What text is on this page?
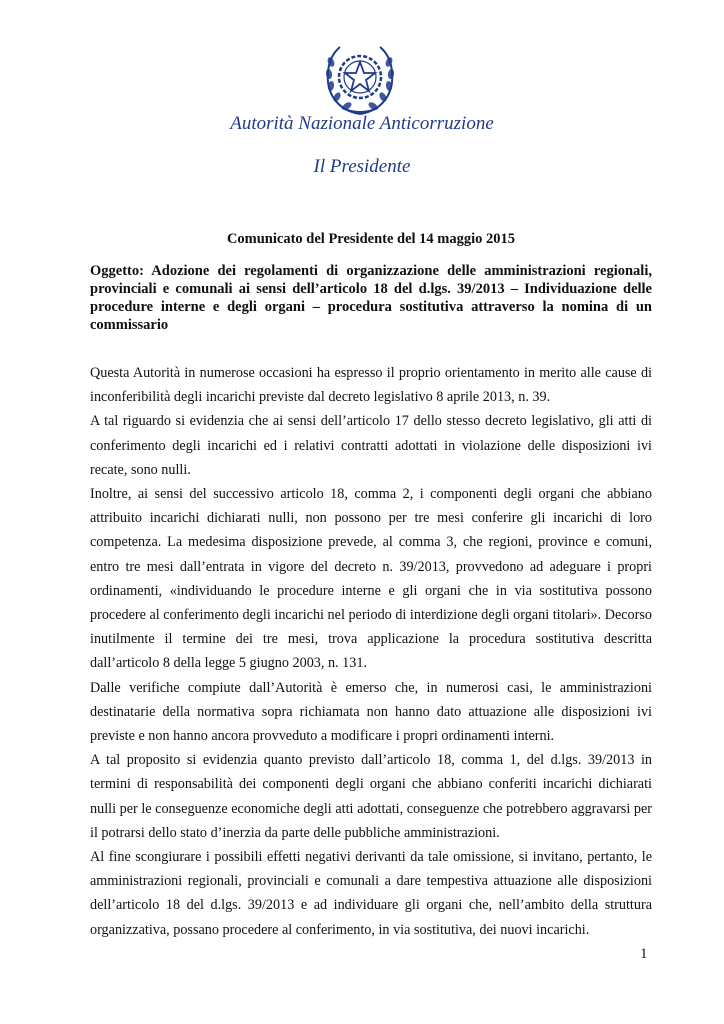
Autorità Nazionale Anticorruzione
Il Presidente
Comunicato del Presidente del 14 maggio 2015
Oggetto: Adozione dei regolamenti di organizzazione delle amministrazioni regionali, provinciali e comunali ai sensi dell’articolo 18 del d.lgs. 39/2013 – Individuazione delle procedure interne e degli organi – procedura sostitutiva attraverso la nomina di un commissario

Questa Autorità in numerose occasioni ha espresso il proprio orientamento in merito alle cause di inconferibilità degli incarichi previste dal decreto legislativo 8 aprile 2013, n. 39.

A tal riguardo si evidenzia che ai sensi dell’articolo 17 dello stesso decreto legislativo, gli atti di conferimento degli incarichi ed i relativi contratti adottati in violazione delle disposizioni ivi recate, sono nulli.

Inoltre, ai sensi del successivo articolo 18, comma 2, i componenti degli organi che abbiano attribuito incarichi dichiarati nulli, non possono per tre mesi conferire gli incarichi di loro competenza. La medesima disposizione prevede, al comma 3, che regioni, province e comuni, entro tre mesi dall’entrata in vigore del decreto n. 39/2013, provvedono ad adeguare i propri ordinamenti, «individuando le procedure interne e gli organi che in via sostitutiva possono procedere al conferimento degli incarichi nel periodo di interdizione degli organi titolari». Decorso inutilmente il termine dei tre mesi, trova applicazione la procedura sostitutiva descritta dall’articolo 8 della legge 5 giugno 2003, n. 131.

Dalle verifiche compiute dall’Autorità è emerso che, in numerosi casi, le amministrazioni destinatarie della normativa sopra richiamata non hanno dato attuazione alle disposizioni ivi previste e non hanno ancora provveduto a modificare i propri ordinamenti interni.

A tal proposito si evidenzia quanto previsto dall’articolo 18, comma 1, del d.lgs. 39/2013 in termini di responsabilità dei componenti degli organi che abbiano conferiti incarichi dichiarati nulli per le conseguenze economiche degli atti adottati, conseguenze che potrebbero aggravarsi per il potrarsi dello stato d’inerzia da parte delle pubbliche amministrazioni.

Al fine scongiurare i possibili effetti negativi derivanti da tale omissione, si invitano, pertanto, le amministrazioni regionali, provinciali e comunali a dare tempestiva attuazione alle disposizioni dell’articolo 18 del d.lgs. 39/2013 e ad individuare gli organi che, nell’ambito della struttura organizzativa, possano procedere al conferimento, in via sostitutiva, dei nuovi incarichi.

1
